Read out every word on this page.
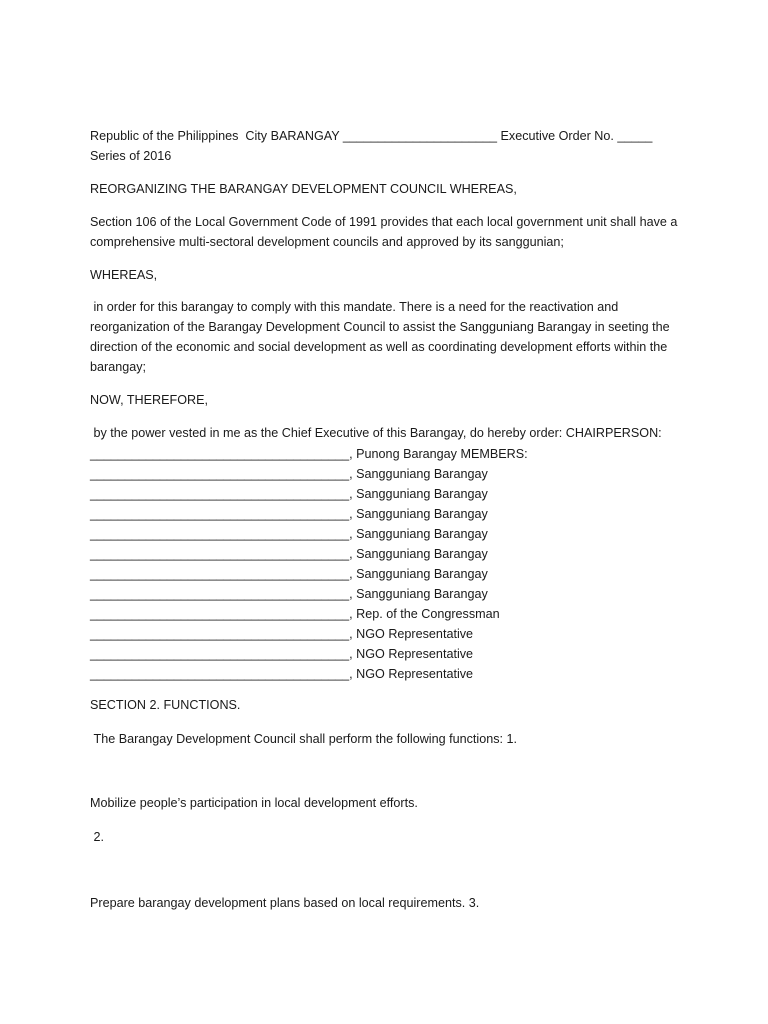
Republic of the Philippines  City BARANGAY ______________________ Executive Order No. _____ Series of 2016
REORGANIZING THE BARANGAY DEVELOPMENT COUNCIL WHEREAS,
Section 106 of the Local Government Code of 1991 provides that each local government unit shall have a comprehensive multi-sectoral development councils and approved by its sanggunian;
WHEREAS,
in order for this barangay to comply with this mandate. There is a need for the reactivation and reorganization of the Barangay Development Council to assist the Sangguniang Barangay in seeting the direction of the economic and social development as well as coordinating development efforts within the barangay;
NOW, THEREFORE,
by the power vested in me as the Chief Executive of this Barangay, do hereby order: CHAIRPERSON:
_____________________________________, Punong Barangay MEMBERS:
_____________________________________, Sangguniang Barangay
_____________________________________, Sangguniang Barangay
_____________________________________, Sangguniang Barangay
_____________________________________, Sangguniang Barangay
_____________________________________, Sangguniang Barangay
_____________________________________, Sangguniang Barangay
_____________________________________, Sangguniang Barangay
_____________________________________, Rep. of the Congressman
_____________________________________, NGO Representative
_____________________________________, NGO Representative
_____________________________________, NGO Representative
SECTION 2. FUNCTIONS.
The Barangay Development Council shall perform the following functions: 1.
Mobilize people’s participation in local development efforts.
2.
Prepare barangay development plans based on local requirements. 3.
